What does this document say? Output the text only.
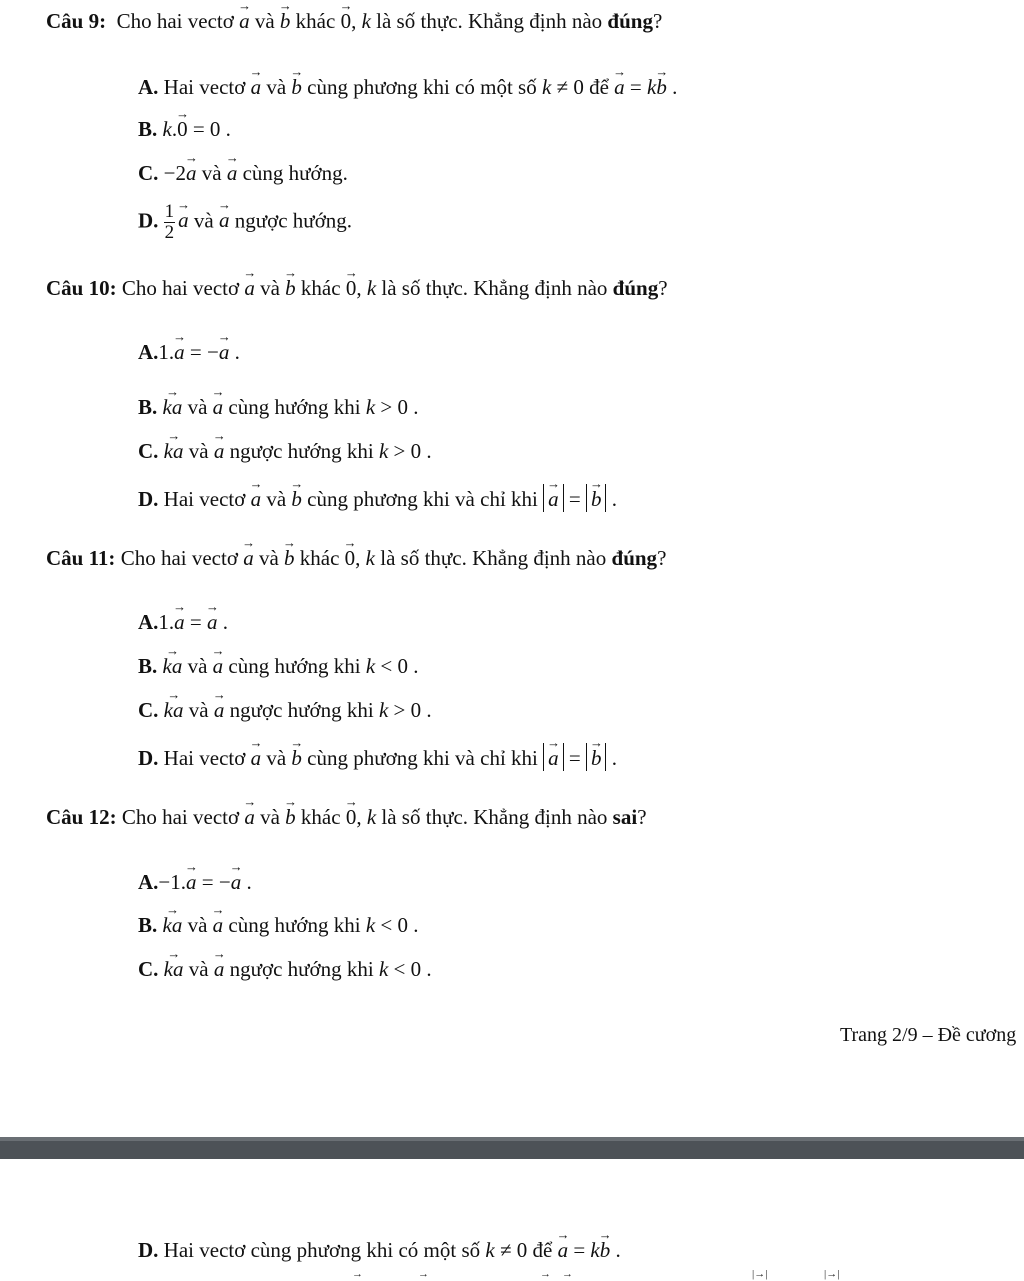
Câu 9: Cho hai vectơ → a và → b khác → 0, k là số thực. Khẳng định nào đúng?
A. Hai vectơ → a và → b cùng phương khi có một số k ≠ 0 để → a = k→ b .
B. k.→ 0 = 0 .
C. −2→ a và → a cùng hướng.
D. $\frac{1}{2}$
→ a và → a ngược hướng.
Câu 10: Cho hai vectơ → a và → b khác → 0, k là số thực. Khẳng định nào đúng?
A.1.→ a = −→ a .
B. → ka và → a cùng hướng khi k > 0 .
C. → ka và → a ngược hướng khi k > 0 .
D. Hai vectơ → a và → b cùng phương khi và chỉ khi → a = → b .
Câu 11: Cho hai vectơ → a và → b khác → 0, k là số thực. Khẳng định nào đúng?
A.1.→ a = → a .
B. → ka và → a cùng hướng khi k < 0 .
C. → ka và → a ngược hướng khi k > 0 .
D. Hai vectơ → a và → b cùng phương khi và chỉ khi → a = → b .
Câu 12: Cho hai vectơ → a và → b khác → 0, k là số thực. Khẳng định nào sai?
A.−1.→ a = −→ a .
B. → ka và → a cùng hướng khi k < 0 .
C. → ka và → a ngược hướng khi k < 0 .
Trang 2/9 – Đề cương
D. Hai vectơ cùng phương khi có một số k ≠ 0 để → a = k→ b .
→	→	→ →	|→|	|→|
